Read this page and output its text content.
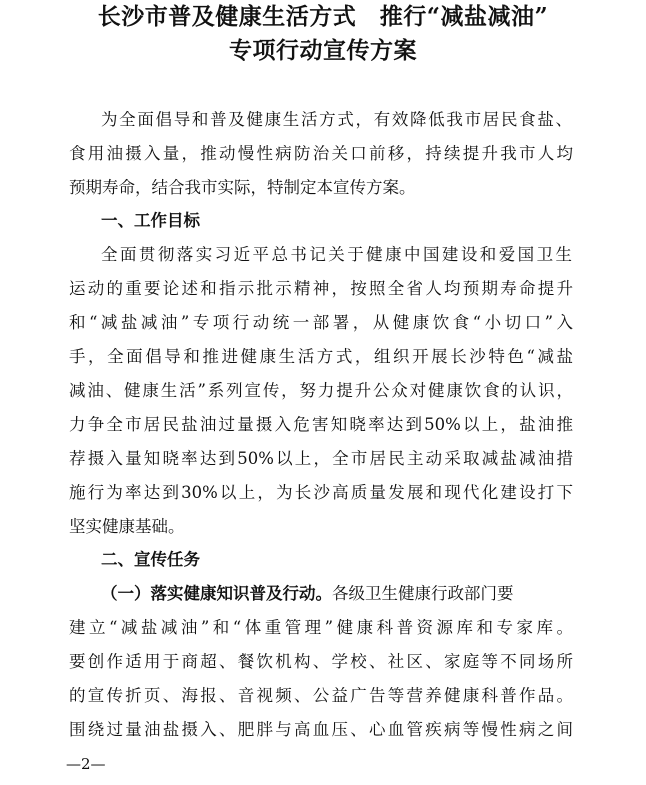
长沙市普及健康生活方式　推行“减盐减油”
专项行动宣传方案
为全面倡导和普及健康生活方式，有效降低我市居民食盐、
食用油摄入量，推动慢性病防治关口前移，持续提升我市人均
预期寿命，结合我市实际，特制定本宣传方案。
一、工作目标
全面贯彻落实习近平总书记关于健康中国建设和爱国卫生
运动的重要论述和指示批示精神，按照全省人均预期寿命提升
和“减盐减油”专项行动统一部署，从健康饮食“小切口”入
手，全面倡导和推进健康生活方式，组织开展长沙特色“减盐
减油、健康生活”系列宣传，努力提升公众对健康饮食的认识，
力争全市居民盐油过量摄入危害知晓率达到50%以上，盐油推
荐摄入量知晓率达到50%以上，全市居民主动采取减盐减油措
施行为率达到30%以上，为长沙高质量发展和现代化建设打下
坚实健康基础。
二、宣传任务
（一）落实健康知识普及行动。各级卫生健康行政部门要
建立“减盐减油”和“体重管理”健康科普资源库和专家库。
要创作适用于商超、餐饮机构、学校、社区、家庭等不同场所
的宣传折页、海报、音视频、公益广告等营养健康科普作品。
围绕过量油盐摄入、肥胖与高血压、心血管疾病等慢性病之间
—2—
